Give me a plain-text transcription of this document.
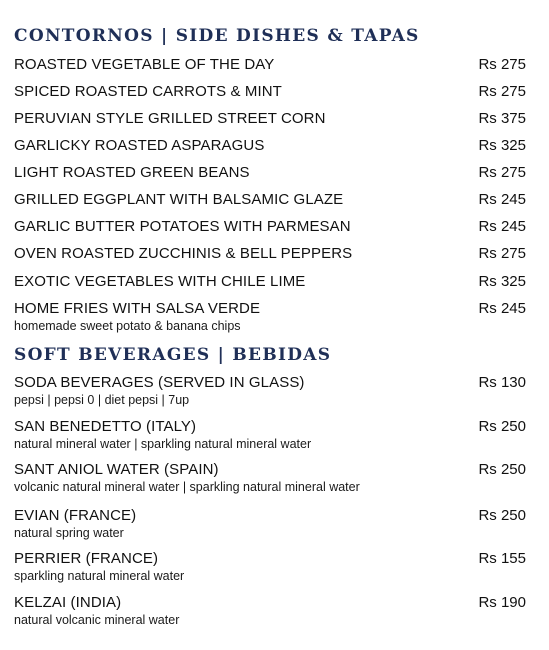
CONTORNOS | SIDE DISHES & TAPAS
ROASTED VEGETABLE OF THE DAY	Rs 275
SPICED ROASTED CARROTS & MINT	Rs 275
PERUVIAN STYLE GRILLED STREET CORN	Rs 375
GARLICKY ROASTED ASPARAGUS	Rs 325
LIGHT ROASTED GREEN BEANS	Rs 275
GRILLED EGGPLANT WITH BALSAMIC GLAZE	Rs 245
GARLIC BUTTER POTATOES WITH PARMESAN	Rs 245
OVEN ROASTED ZUCCHINIS & BELL PEPPERS	Rs 275
EXOTIC VEGETABLES WITH CHILE LIME	Rs 325
HOME FRIES WITH SALSA VERDE	Rs 245
homemade sweet potato & banana chips
SOFT BEVERAGES | BEBIDAS
SODA BEVERAGES (SERVED IN GLASS)	Rs 130
pepsi | pepsi 0 | diet pepsi | 7up
SAN BENEDETTO (ITALY)	Rs 250
natural mineral water | sparkling natural mineral water
SANT ANIOL WATER (SPAIN)	Rs 250
volcanic natural mineral water | sparkling natural mineral water
EVIAN (FRANCE)	Rs 250
natural spring water
PERRIER (FRANCE)	Rs 155
sparkling natural mineral water
KELZAI (INDIA)	Rs 190
natural volcanic mineral water
